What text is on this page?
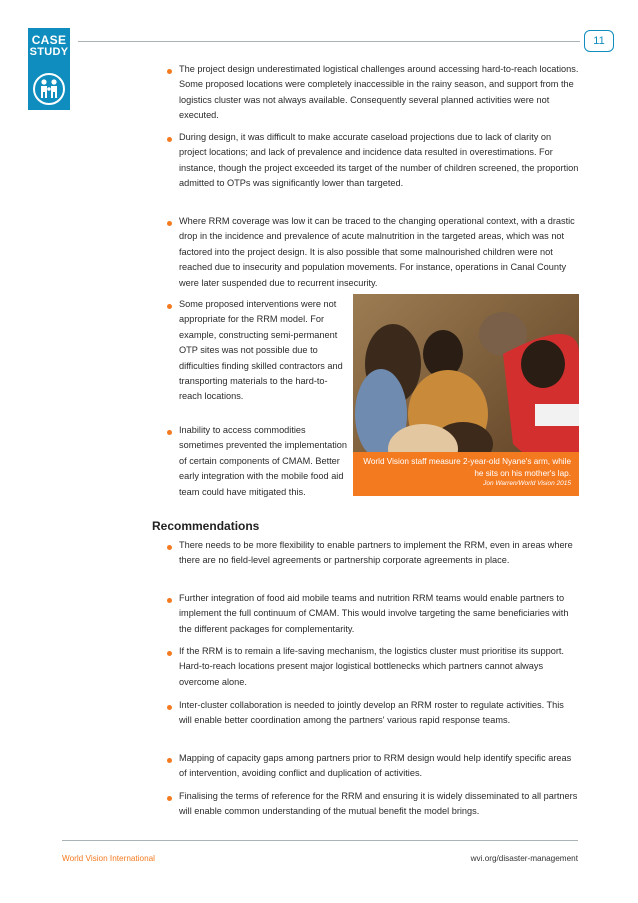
CASE
STUDY
11
The project design underestimated logistical challenges around accessing hard-to-reach locations. Some proposed locations were completely inaccessible in the rainy season, and support from the logistics cluster was not always available. Consequently several planned activities were not executed.
During design, it was difficult to make accurate caseload projections due to lack of clarity on project locations; and lack of prevalence and incidence data resulted in overestimations. For instance, though the project exceeded its target of the number of children screened, the proportion admitted to OTPs was significantly lower than targeted.
Where RRM coverage was low it can be traced to the changing operational context, with a drastic drop in the incidence and prevalence of acute malnutrition in the targeted areas, which was not factored into the project design. It is also possible that some malnourished children were not reached due to insecurity and population movements. For instance, operations in Canal County were later suspended due to recurrent insecurity.
Some proposed interventions were not appropriate for the RRM model. For example, constructing semi-permanent OTP sites was not possible due to difficulties finding skilled contractors and transporting materials to the hard-to-reach locations.
Inability to access commodities sometimes prevented the implementation of certain components of CMAM. Better early integration with the mobile food aid team could have mitigated this.
World Vision staff measure 2-year-old Nyane's arm, while he sits on his mother's lap.
Jon Warren/World Vision 2015
Recommendations
There needs to be more flexibility to enable partners to implement the RRM, even in areas where there are no field-level agreements or partnership corporate agreements in place.
Further integration of food aid mobile teams and nutrition RRM teams would enable partners to implement the full continuum of CMAM. This would involve targeting the same beneficiaries with the different packages for complementarity.
If the RRM is to remain a life-saving mechanism, the logistics cluster must prioritise its support. Hard-to-reach locations present major logistical bottlenecks which partners cannot always overcome alone.
Inter-cluster collaboration is needed to jointly develop an RRM roster to regulate activities. This will enable better coordination among the partners' various rapid response teams.
Mapping of capacity gaps among partners prior to RRM design would help identify specific areas of intervention, avoiding conflict and duplication of activities.
Finalising the terms of reference for the RRM and ensuring it is widely disseminated to all partners will enable common understanding of the mutual benefit the model brings.
World Vision International	wvi.org/disaster-management
